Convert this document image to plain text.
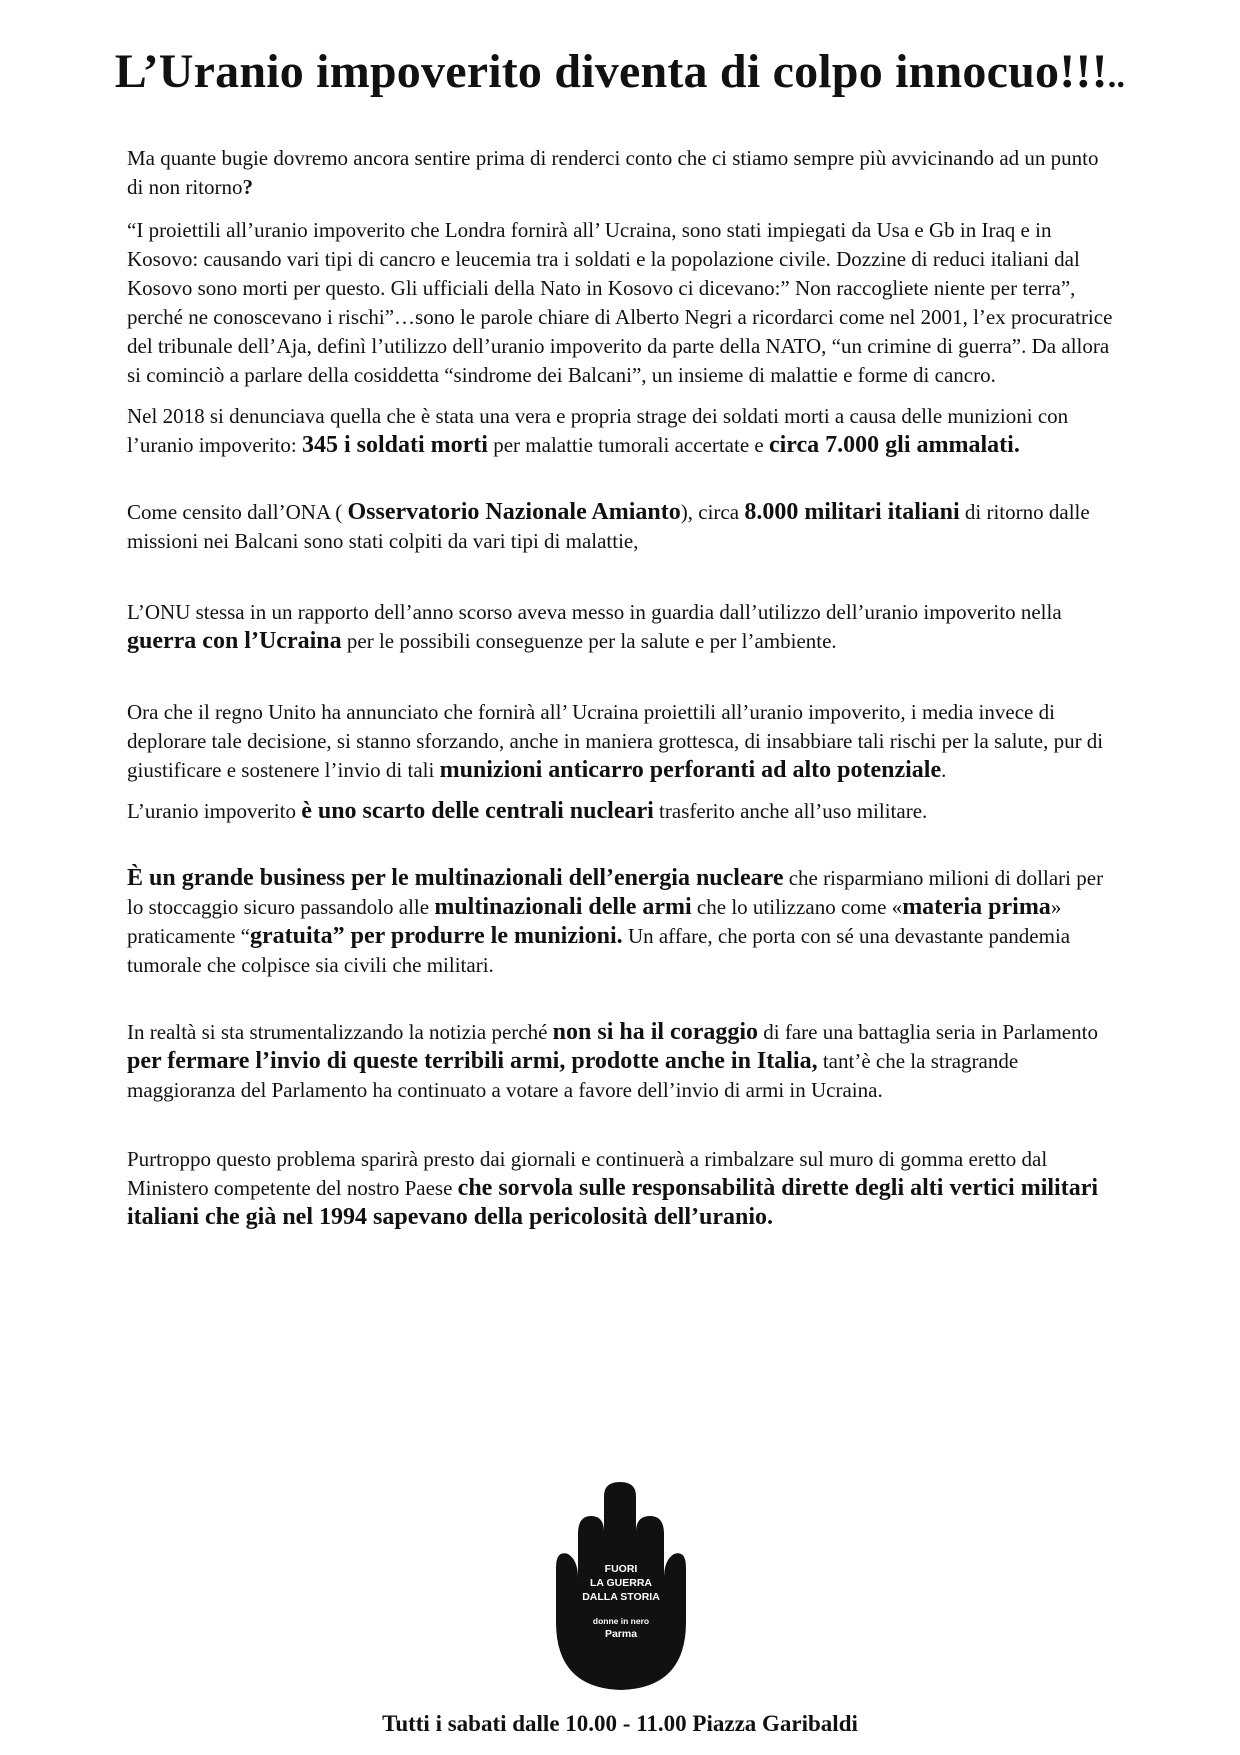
L’Uranio impoverito diventa di colpo innocuo!!!..

Ma quante bugie dovremo ancora sentire prima di renderci conto che ci stiamo sempre più avvicinando ad un punto di non ritorno?

“I proiettili all’uranio impoverito che Londra fornirà all’ Ucraina, sono stati impiegati da Usa e Gb in Iraq e in Kosovo: causando vari tipi di cancro e leucemia tra i soldati e la popolazione civile. Dozzine di reduci italiani dal Kosovo sono morti per questo. Gli ufficiali della Nato in Kosovo ci dicevano:” Non raccogliete niente per terra”, perché ne conoscevano i rischi”…sono le parole chiare di Alberto Negri a ricordarci come nel 2001, l’ex procuratrice del tribunale dell’Aja, definì l’utilizzo dell’uranio impoverito da parte della NATO, “un crimine di guerra”. Da allora si cominciò a parlare della cosiddetta “sindrome dei Balcani”, un insieme di malattie e forme di cancro.

Nel 2018 si denunciava quella che è stata una vera e propria strage dei soldati morti a causa delle munizioni con l’uranio impoverito: 345 i soldati morti per malattie tumorali accertate e circa 7.000 gli ammalati.

Come censito dall’ONA ( Osservatorio Nazionale Amianto), circa 8.000 militari italiani di ritorno dalle missioni nei Balcani sono stati colpiti da vari tipi di malattie,

L’ONU stessa in un rapporto dell’anno scorso aveva messo in guardia dall’utilizzo dell’uranio impoverito nella guerra con l’Ucraina per le possibili conseguenze per la salute e per l’ambiente.

Ora che il regno Unito ha annunciato che fornirà all’ Ucraina proiettili all’uranio impoverito, i media invece di deplorare tale decisione, si stanno sforzando, anche in maniera grottesca, di insabbiare tali rischi per la salute, pur di giustificare e sostenere l’invio di tali munizioni anticarro perforanti ad alto potenziale.

L’uranio impoverito è uno scarto delle centrali nucleari trasferito anche all’uso militare.

È un grande business per le multinazionali dell’energia nucleare che risparmiano milioni di dollari per lo stoccaggio sicuro passandolo alle multinazionali delle armi che lo utilizzano come «materia prima» praticamente “gratuita” per produrre le munizioni. Un affare, che porta con sé una devastante pandemia tumorale che colpisce sia civili che militari.

In realtà si sta strumentalizzando la notizia perché non si ha il coraggio di fare una battaglia seria in Parlamento per fermare l’invio di queste terribili armi, prodotte anche in Italia, tant’è che la stragrande maggioranza del Parlamento ha continuato a votare a favore dell’invio di armi in Ucraina.

Purtroppo questo problema sparirà presto dai giornali e continuerà a rimbalzare sul muro di gomma eretto dal Ministero competente del nostro Paese che sorvola sulle responsabilità dirette degli alti vertici militari italiani che già nel 1994 sapevano della pericolosità dell’uranio.

FUORI
LA GUERRA
DALLA STORIA
donne in nero
Parma
Tutti i sabati dalle 10.00 - 11.00 Piazza Garibaldi
